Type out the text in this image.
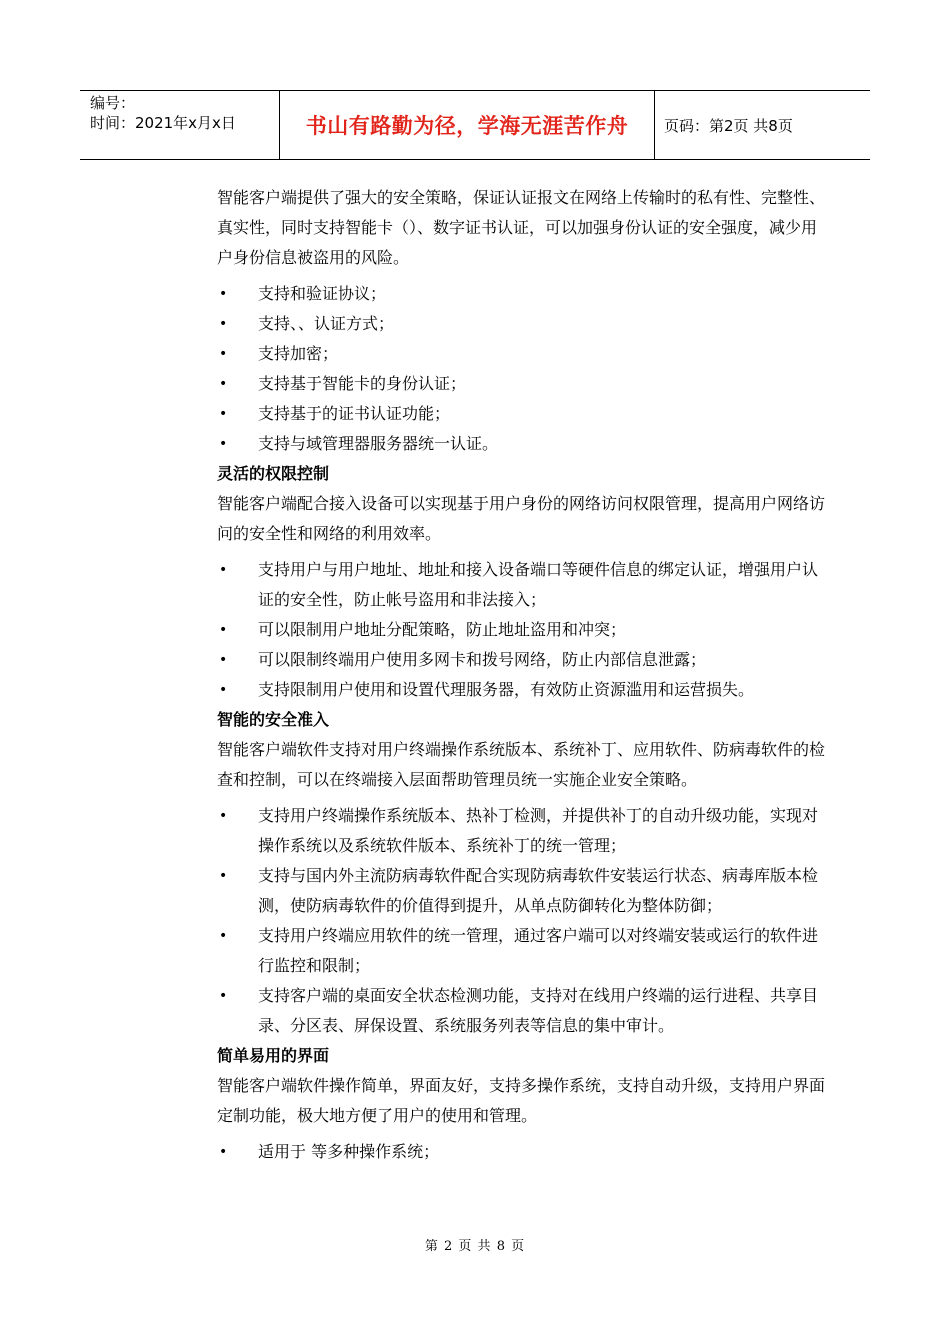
编号：
时间：2021年x月x日	书山有路勤为径，学海无涯苦作舟	页码：第2页 共8页

智能客户端提供了强大的安全策略，保证认证报文在网络上传输时的私有性、完整性、真实性，同时支持智能卡（）、数字证书认证，可以加强身份认证的安全强度，减少用户身份信息被盗用的风险。

• 支持和验证协议；
• 支持、、认证方式；
• 支持加密；
• 支持基于智能卡的身份认证；
• 支持基于的证书认证功能；
• 支持与域管理器服务器统一认证。

灵活的权限控制

智能客户端配合接入设备可以实现基于用户身份的网络访问权限管理，提高用户网络访问的安全性和网络的利用效率。

• 支持用户与用户地址、地址和接入设备端口等硬件信息的绑定认证，增强用户认证的安全性，防止帐号盗用和非法接入；
• 可以限制用户地址分配策略，防止地址盗用和冲突；
• 可以限制终端用户使用多网卡和拨号网络，防止内部信息泄露；
• 支持限制用户使用和设置代理服务器，有效防止资源滥用和运营损失。

智能的安全准入

智能客户端软件支持对用户终端操作系统版本、系统补丁、应用软件、防病毒软件的检查和控制，可以在终端接入层面帮助管理员统一实施企业安全策略。

• 支持用户终端操作系统版本、热补丁检测，并提供补丁的自动升级功能，实现对操作系统以及系统软件版本、系统补丁的统一管理；
• 支持与国内外主流防病毒软件配合实现防病毒软件安装运行状态、病毒库版本检测，使防病毒软件的价值得到提升，从单点防御转化为整体防御；
• 支持用户终端应用软件的统一管理，通过客户端可以对终端安装或运行的软件进行监控和限制；
• 支持客户端的桌面安全状态检测功能，支持对在线用户终端的运行进程、共享目录、分区表、屏保设置、系统服务列表等信息的集中审计。

简单易用的界面

智能客户端软件操作简单，界面友好，支持多操作系统，支持自动升级，支持用户界面定制功能，极大地方便了用户的使用和管理。

• 适用于 等多种操作系统；
第 2 页 共 8 页
